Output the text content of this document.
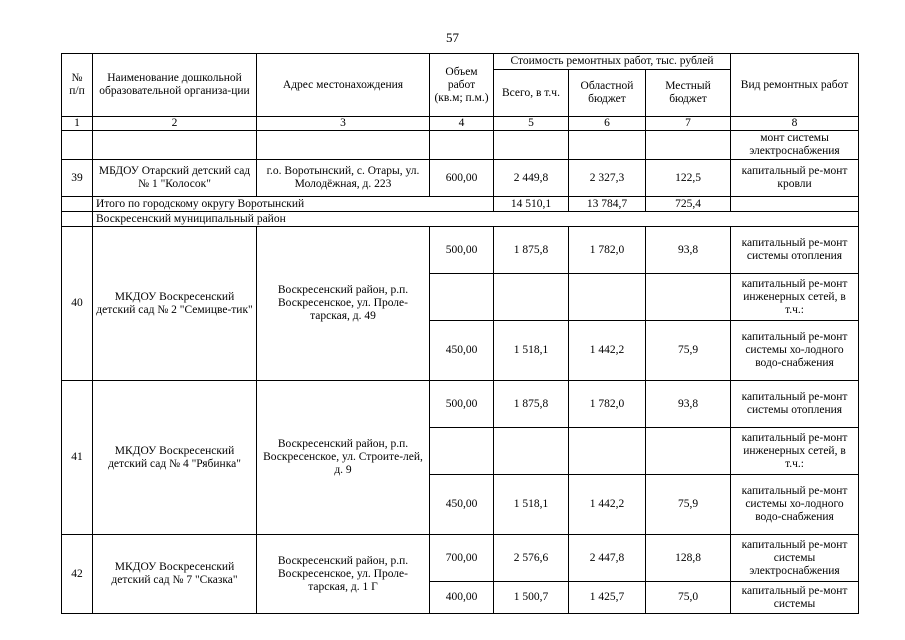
57
№
п/п	Наименование дошкольной образовательной организа-ции	Адрес местонахождения	Объем работ (кв.м; п.м.)	Стоимость ремонтных работ, тыс. рублей			Вид ремонтных работ
				Всего, в т.ч.	Областной бюджет	Местный бюджет	
1	2	3	4	5	6	7	8
							монт системы электроснабжения
39	МБДОУ Отарский детский сад № 1 "Колосок"	г.о. Воротынский, с. Отары, ул. Молодёжная, д. 223	600,00	2 449,8	2 327,3	122,5	капитальный ре-монт кровли
	Итого по городскому округу Воротынский			14 510,1	13 784,7	725,4	
	Воскресенский муниципальный район						
40	МКДОУ Воскресенский детский сад № 2 "Семицве-тик"	Воскресенский район, р.п. Воскресенское, ул. Проле-тарская, д. 49	500,00	1 875,8	1 782,0	93,8	капитальный ре-монт системы отопления
							капитальный ре-монт инженерных сетей, в т.ч.:
			450,00	1 518,1	1 442,2	75,9	капитальный ре-монт системы хо-лодного водо-снабжения
41	МКДОУ Воскресенский детский сад № 4 "Рябинка"	Воскресенский район, р.п. Воскресенское, ул. Строите-лей, д. 9	500,00	1 875,8	1 782,0	93,8	капитальный ре-монт системы отопления
							капитальный ре-монт инженерных сетей, в т.ч.:
			450,00	1 518,1	1 442,2	75,9	капитальный ре-монт системы хо-лодного водо-снабжения
42	МКДОУ Воскресенский детский сад № 7 "Сказка"	Воскресенский район, р.п. Воскресенское, ул. Проле-тарская, д. 1 Г	700,00	2 576,6	2 447,8	128,8	капитальный ре-монт системы электроснабжения
			400,00	1 500,7	1 425,7	75,0	капитальный ре-монт системы
